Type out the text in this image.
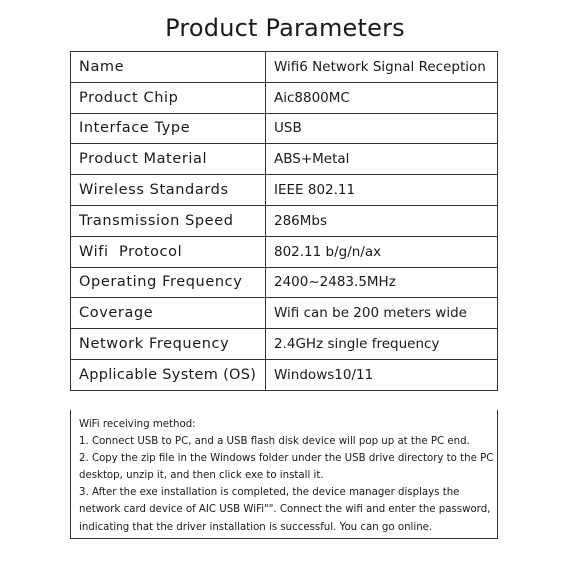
Product Parameters
Name	Wifi6 Network Signal Reception
Product Chip	Aic8800MC
Interface Type	USB
Product Material	ABS+Metal
Wireless Standards	IEEE 802.11
Transmission Speed	286Mbs
Wifi  Protocol	802.11 b/g/n/ax
Operating Frequency	2400~2483.5MHz
Coverage	Wifi can be 200 meters wide
Network Frequency	2.4GHz single frequency
Applicable System (OS)	Windows10/11
WiFi receiving method:
1. Connect USB to PC, and a USB flash disk device will pop up at the PC end.
2. Copy the zip file in the Windows folder under the USB drive directory to the PC
desktop, unzip it, and then click exe to install it.
3. After the exe installation is completed, the device manager displays the
network card device of AIC USB WiFi"". Connect the wifi and enter the password,
indicating that the driver installation is successful. You can go online.
